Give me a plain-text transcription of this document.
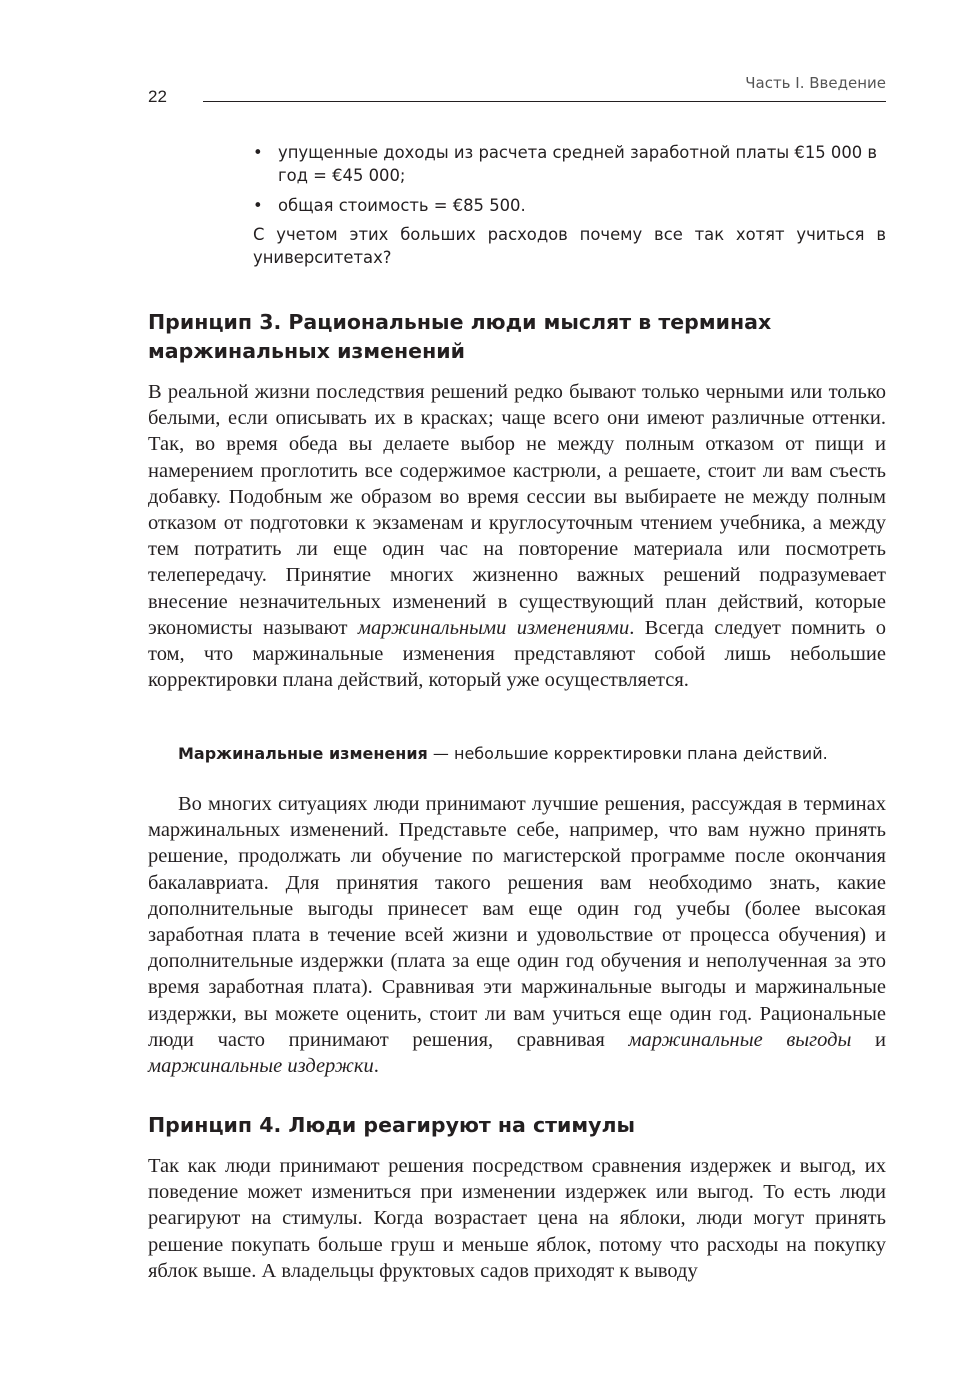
22
Часть I. Введение
• упущенные доходы из расчета средней заработной платы €15 000 в год = €45 000;
• общая стоимость = €85 500.

С учетом этих больших расходов почему все так хотят учиться в университетах?

Принцип 3. Рациональные люди мыслят в терминах маржинальных изменений

В реальной жизни последствия решений редко бывают только черными или только белыми, если описывать их в красках; чаще всего они имеют различные оттенки. Так, во время обеда вы делаете выбор не между полным отказом от пищи и намерением проглотить все содержимое кастрюли, а решаете, стоит ли вам съесть добавку. Подобным же образом во время сессии вы выбираете не между полным отказом от подготовки к экзаменам и круглосуточным чтением учебника, а между тем потратить ли еще один час на повторение материала или посмотреть телепередачу. Принятие многих жизненно важных решений подразумевает внесение незначительных изменений в существующий план действий, которые экономисты называют маржинальными изменениями. Всегда следует помнить о том, что маржинальные изменения представляют собой лишь небольшие корректировки плана действий, который уже осуществляется.

Маржинальные изменения — небольшие корректировки плана действий.

Во многих ситуациях люди принимают лучшие решения, рассуждая в терминах маржинальных изменений. Представьте себе, например, что вам нужно принять решение, продолжать ли обучение по магистерской программе после окончания бакалавриата. Для принятия такого решения вам необходимо знать, какие дополнительные выгоды принесет вам еще один год учебы (более высокая заработная плата в течение всей жизни и удовольствие от процесса обучения) и дополнительные издержки (плата за еще один год обучения и неполученная за это время заработная плата). Сравнивая эти маржинальные выгоды и маржинальные издержки, вы можете оценить, стоит ли вам учиться еще один год. Рациональные люди часто принимают решения, сравнивая маржинальные выгоды и маржинальные издержки.

Принцип 4. Люди реагируют на стимулы

Так как люди принимают решения посредством сравнения издержек и выгод, их поведение может измениться при изменении издержек или выгод. То есть люди реагируют на стимулы. Когда возрастает цена на яблоки, люди могут принять решение покупать больше груш и меньше яблок, потому что расходы на покупку яблок выше. А владельцы фруктовых садов приходят к выводу
